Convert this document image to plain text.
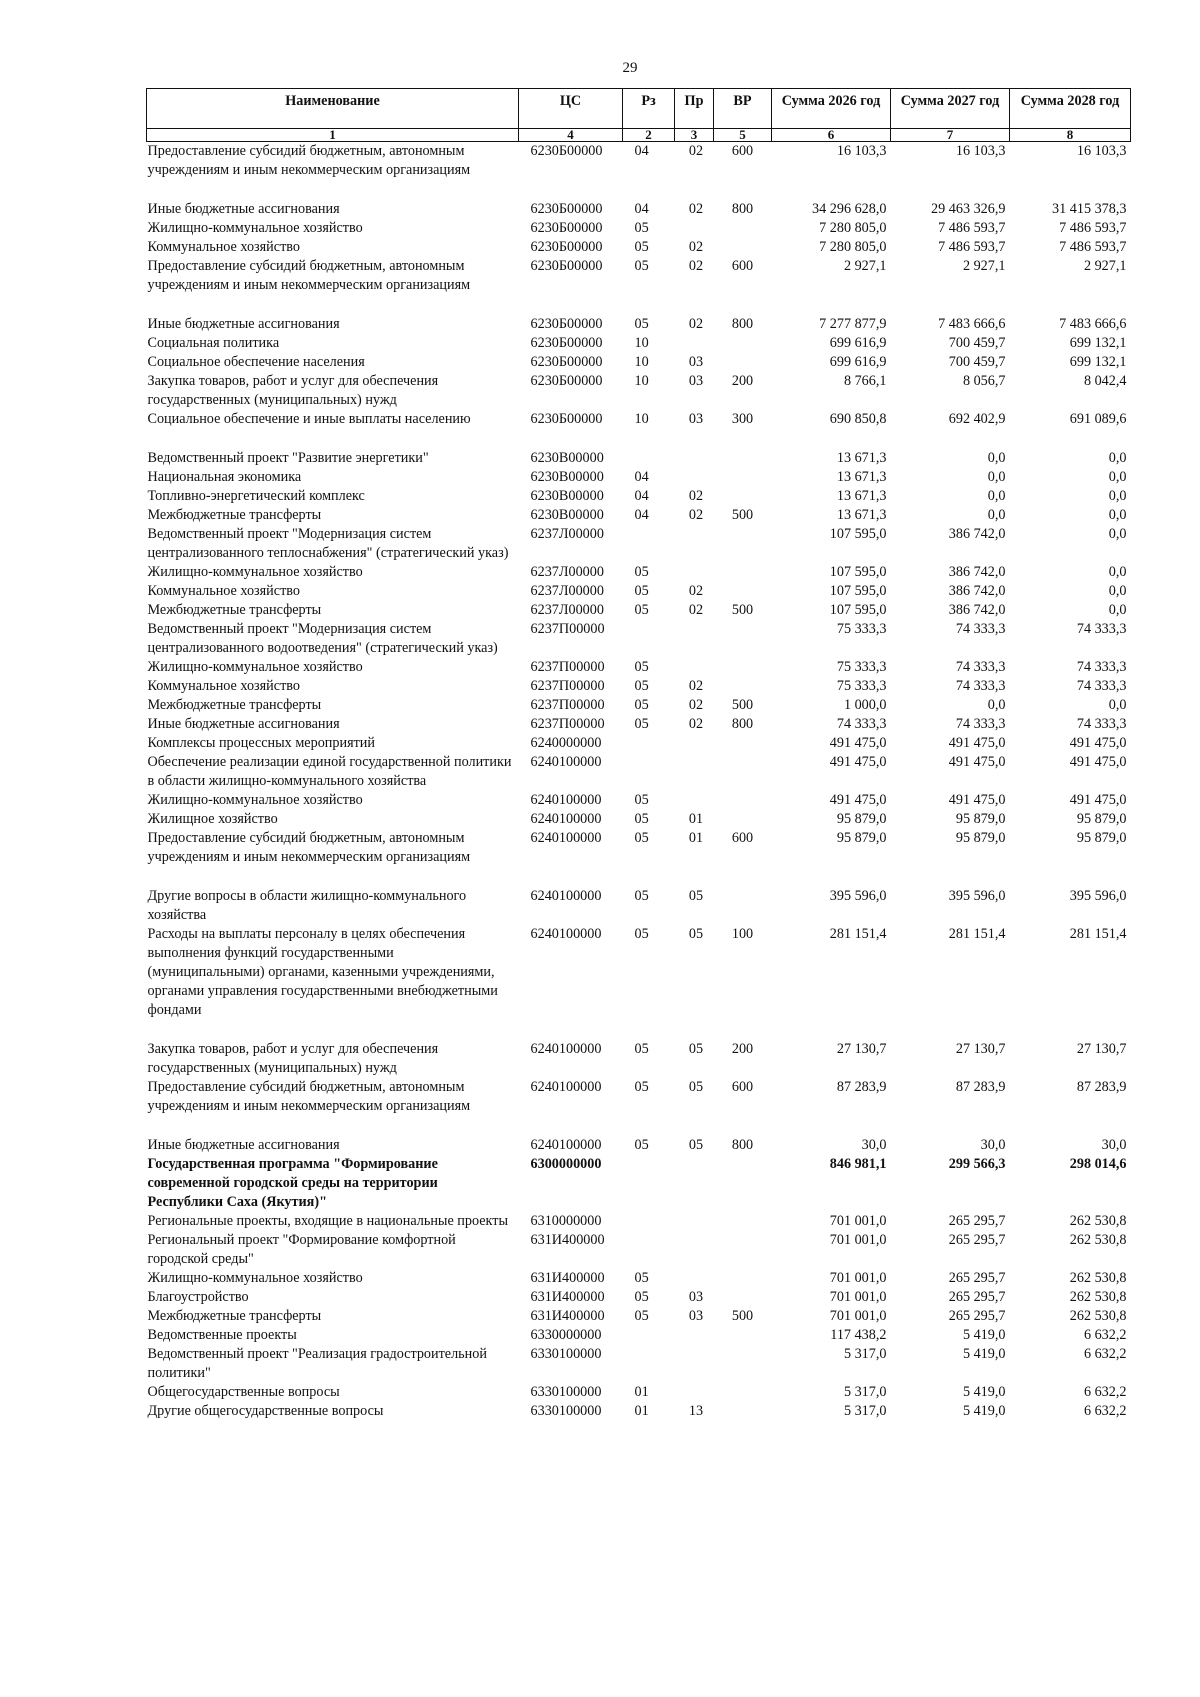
29
Наименование	ЦС	Рз	Пр	ВР	Сумма 2026 год	Сумма 2027 год	Сумма 2028 год
1	4	2	3	5	6	7	8
Предоставление субсидий бюджетным, автономным учреждениям и иным некоммерческим организациям	6230Б00000	04	02	600	16 103,3	16 103,3	16 103,3
Иные бюджетные ассигнования	6230Б00000	04	02	800	34 296 628,0	29 463 326,9	31 415 378,3
Жилищно-коммунальное хозяйство	6230Б00000	05			7 280 805,0	7 486 593,7	7 486 593,7
Коммунальное хозяйство	6230Б00000	05	02		7 280 805,0	7 486 593,7	7 486 593,7
Предоставление субсидий бюджетным, автономным учреждениям и иным некоммерческим организациям	6230Б00000	05	02	600	2 927,1	2 927,1	2 927,1
Иные бюджетные ассигнования	6230Б00000	05	02	800	7 277 877,9	7 483 666,6	7 483 666,6
Социальная политика	6230Б00000	10			699 616,9	700 459,7	699 132,1
Социальное обеспечение населения	6230Б00000	10	03		699 616,9	700 459,7	699 132,1
Закупка товаров, работ и услуг для обеспечения государственных (муниципальных) нужд	6230Б00000	10	03	200	8 766,1	8 056,7	8 042,4
Социальное обеспечение и иные выплаты населению	6230Б00000	10	03	300	690 850,8	692 402,9	691 089,6
Ведомственный проект "Развитие энергетики"	6230В00000				13 671,3	0,0	0,0
Национальная экономика	6230В00000	04			13 671,3	0,0	0,0
Топливно-энергетический комплекс	6230В00000	04	02		13 671,3	0,0	0,0
Межбюджетные трансферты	6230В00000	04	02	500	13 671,3	0,0	0,0
Ведомственный проект "Модернизация систем централизованного теплоснабжения" (стратегический указ)	6237Л00000				107 595,0	386 742,0	0,0
Жилищно-коммунальное хозяйство	6237Л00000	05			107 595,0	386 742,0	0,0
Коммунальное хозяйство	6237Л00000	05	02		107 595,0	386 742,0	0,0
Межбюджетные трансферты	6237Л00000	05	02	500	107 595,0	386 742,0	0,0
Ведомственный проект "Модернизация систем централизованного водоотведения" (стратегический указ)	6237П00000				75 333,3	74 333,3	74 333,3
Жилищно-коммунальное хозяйство	6237П00000	05			75 333,3	74 333,3	74 333,3
Коммунальное хозяйство	6237П00000	05	02		75 333,3	74 333,3	74 333,3
Межбюджетные трансферты	6237П00000	05	02	500	1 000,0	0,0	0,0
Иные бюджетные ассигнования	6237П00000	05	02	800	74 333,3	74 333,3	74 333,3
Комплексы процессных мероприятий	6240000000				491 475,0	491 475,0	491 475,0
Обеспечение реализации единой государственной политики в области жилищно-коммунального хозяйства	6240100000				491 475,0	491 475,0	491 475,0
Жилищно-коммунальное хозяйство	6240100000	05			491 475,0	491 475,0	491 475,0
Жилищное хозяйство	6240100000	05	01		95 879,0	95 879,0	95 879,0
Предоставление субсидий бюджетным, автономным учреждениям и иным некоммерческим организациям	6240100000	05	01	600	95 879,0	95 879,0	95 879,0
Другие вопросы в области жилищно-коммунального хозяйства	6240100000	05	05		395 596,0	395 596,0	395 596,0
Расходы на выплаты персоналу в целях обеспечения выполнения функций государственными (муниципальными) органами, казенными учреждениями, органами управления государственными внебюджетными фондами	6240100000	05	05	100	281 151,4	281 151,4	281 151,4
Закупка товаров, работ и услуг для обеспечения государственных (муниципальных) нужд	6240100000	05	05	200	27 130,7	27 130,7	27 130,7
Предоставление субсидий бюджетным, автономным учреждениям и иным некоммерческим организациям	6240100000	05	05	600	87 283,9	87 283,9	87 283,9
Иные бюджетные ассигнования	6240100000	05	05	800	30,0	30,0	30,0
Государственная программа "Формирование современной городской среды на территории Республики Саха (Якутия)"	6300000000				846 981,1	299 566,3	298 014,6
Региональные проекты, входящие в национальные проекты	6310000000				701 001,0	265 295,7	262 530,8
Региональный проект "Формирование комфортной городской среды"	631И400000				701 001,0	265 295,7	262 530,8
Жилищно-коммунальное хозяйство	631И400000	05			701 001,0	265 295,7	262 530,8
Благоустройство	631И400000	05	03		701 001,0	265 295,7	262 530,8
Межбюджетные трансферты	631И400000	05	03	500	701 001,0	265 295,7	262 530,8
Ведомственные проекты	6330000000				117 438,2	5 419,0	6 632,2
Ведомственный проект "Реализация градостроительной политики"	6330100000				5 317,0	5 419,0	6 632,2
Общегосударственные вопросы	6330100000	01			5 317,0	5 419,0	6 632,2
Другие общегосударственные вопросы	6330100000	01	13		5 317,0	5 419,0	6 632,2
